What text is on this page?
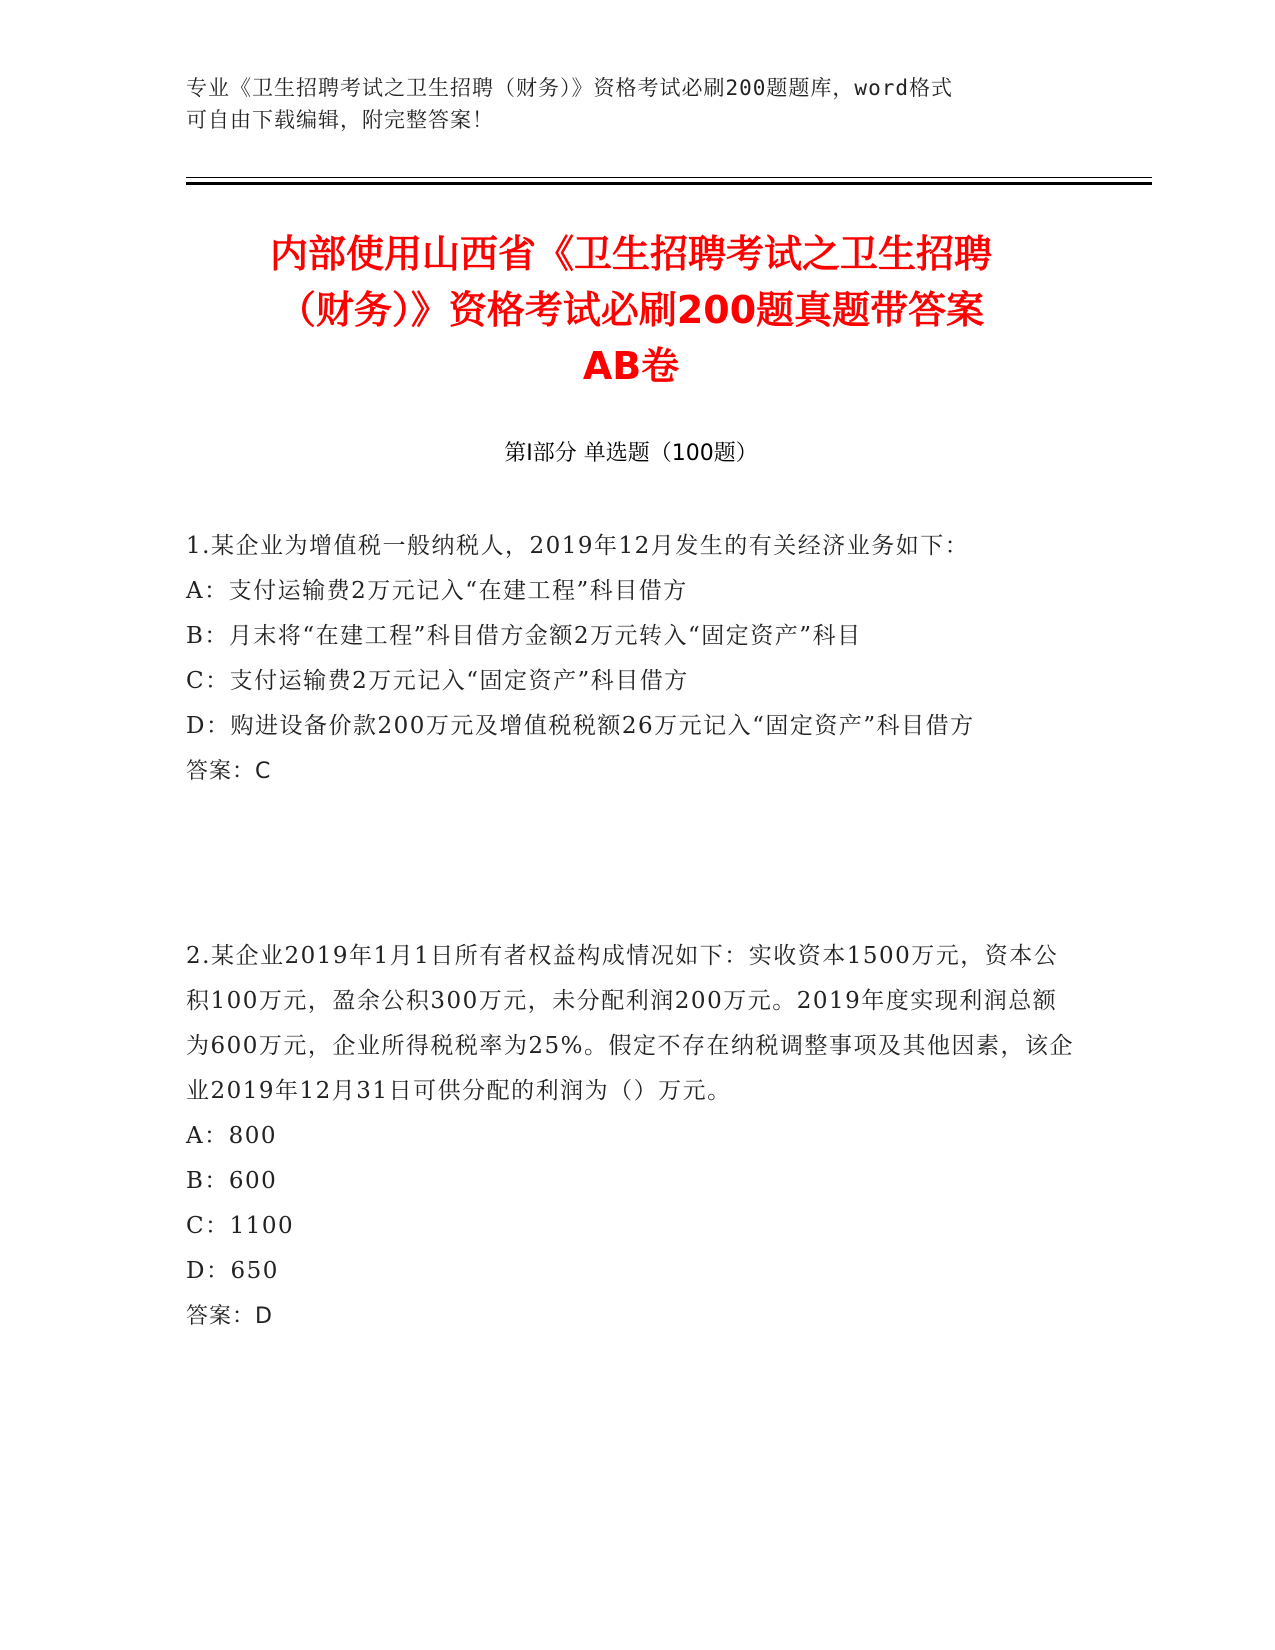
专业《卫生招聘考试之卫生招聘（财务）》资格考试必刷200题题库，word格式
可自由下载编辑，附完整答案！
内部使用山西省《卫生招聘考试之卫生招聘
（财务）》资格考试必刷200题真题带答案
AB卷
第I部分 单选题（100题）

1.某企业为增值税一般纳税人，2019年12月发生的有关经济业务如下：

A：支付运输费2万元记入“在建工程”科目借方

B：月末将“在建工程”科目借方金额2万元转入“固定资产”科目

C：支付运输费2万元记入“固定资产”科目借方

D：购进设备价款200万元及增值税税额26万元记入“固定资产”科目借方

答案：C

2.某企业2019年1月1日所有者权益构成情况如下：实收资本1500万元，资本公积100万元，盈余公积300万元，未分配利润200万元。2019年度实现利润总额为600万元，企业所得税税率为25%。假定不存在纳税调整事项及其他因素，该企业2019年12月31日可供分配的利润为（）万元。

A：800

B：600

C：1100

D：650

答案：D
